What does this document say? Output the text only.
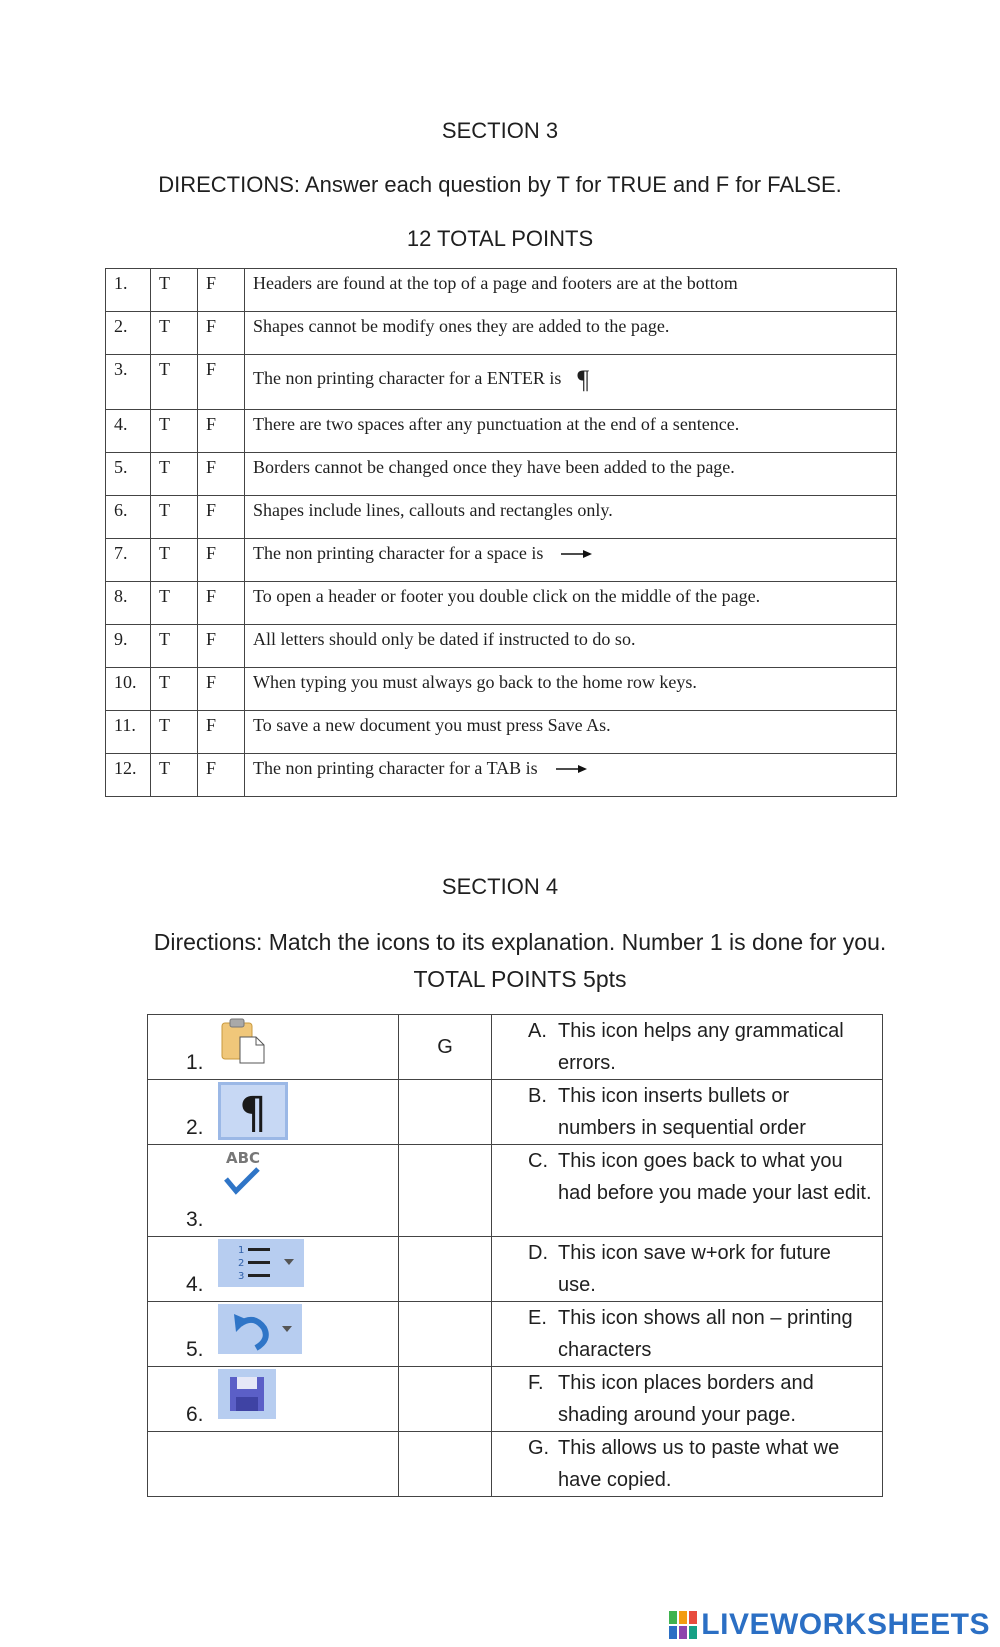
SECTION 3
DIRECTIONS: Answer each question by T for TRUE and F for FALSE.
12 TOTAL POINTS
1.	T	F	Headers are found at the top of a page and footers are at the bottom
2.	T	F	Shapes cannot be modify ones they are added to the page.
3.	T	F	The non printing character for a ENTER is ¶
4.	T	F	There are two spaces after any punctuation at the end of a sentence.
5.	T	F	Borders cannot be changed once they have been added to the page.
6.	T	F	Shapes include lines, callouts and rectangles only.
7.	T	F	The non printing character for a space is
8.	T	F	To open a header or footer you double click on the middle of the page.
9.	T	F	All letters should only be dated if instructed to do so.
10.	T	F	When typing you must always go back to the home row keys.
11.	T	F	To save a new document you must press Save As.
12.	T	F	The non printing character for a TAB is
SECTION 4
Directions: Match the icons to its explanation. Number 1 is done for you. TOTAL POINTS 5pts
1.	G	A. This icon helps any grammatical errors.

¶
2.		B. This icon inserts bullets or numbers in sequential order

ABC
3.		C. This icon goes back to what you had before you made your last edit.

1
2
3
4.		D. This icon save w+ork for future use.

5.		E. This icon shows all non – printing characters

6.		F. This icon places borders and shading around your page.

		G. This allows us to paste what we have copied.
LIVEWORKSHEETS
